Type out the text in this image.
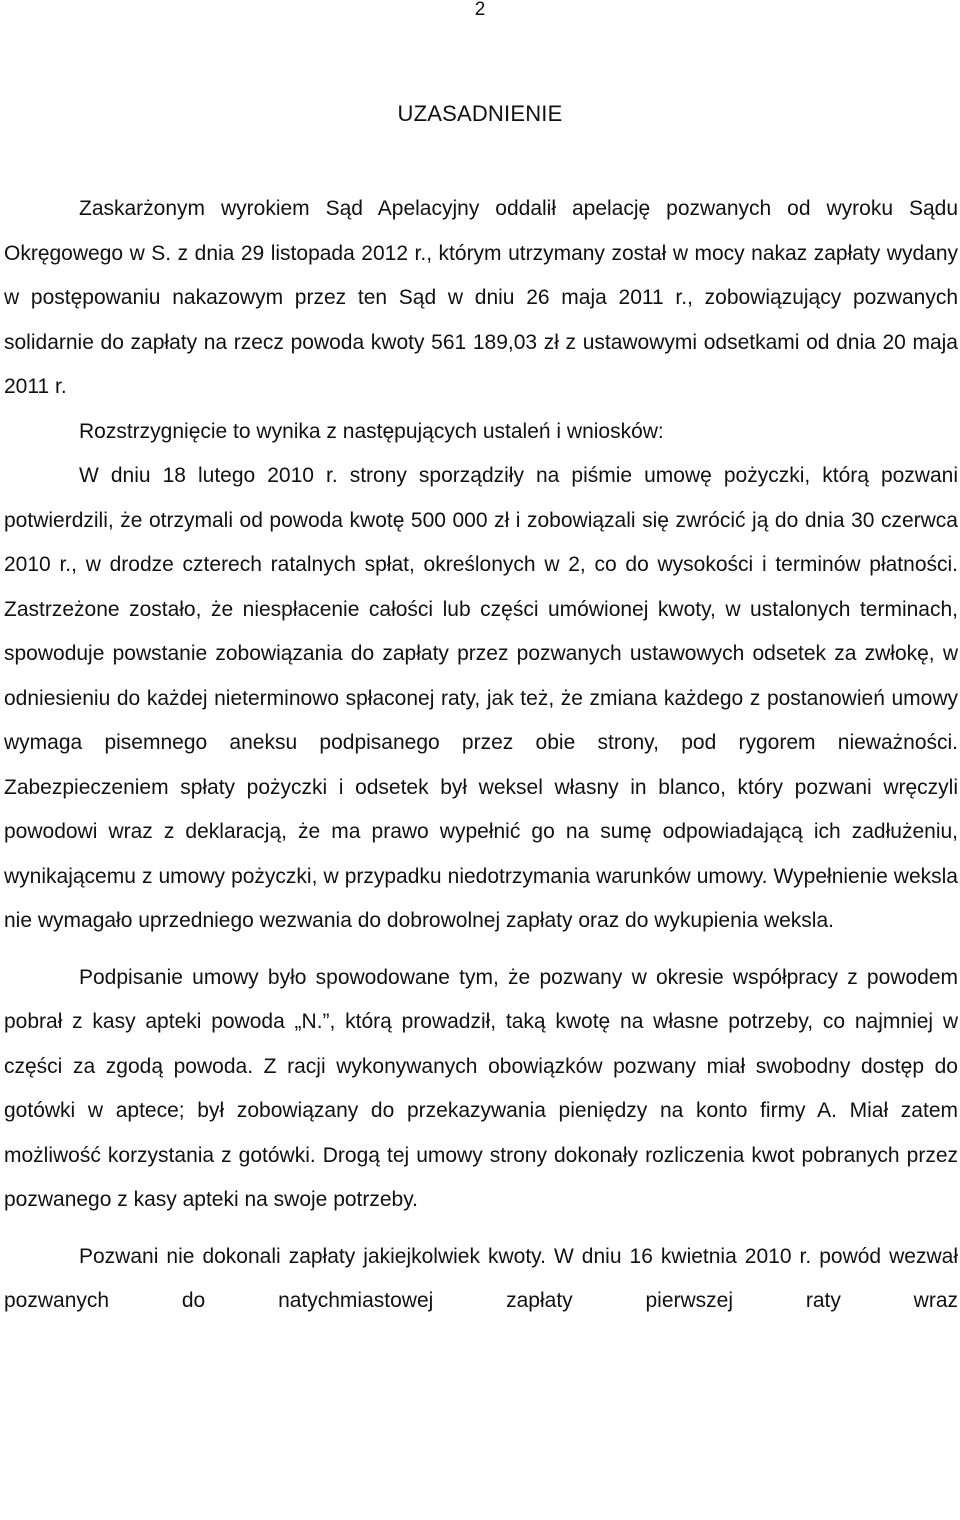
2
UZASADNIENIE

Zaskarżonym wyrokiem Sąd Apelacyjny oddalił apelację pozwanych od wyroku Sądu Okręgowego w S. z dnia 29 listopada 2012 r., którym utrzymany został w mocy nakaz zapłaty wydany w postępowaniu nakazowym przez ten Sąd w dniu 26 maja 2011 r., zobowiązujący pozwanych solidarnie do zapłaty na rzecz powoda kwoty 561 189,03 zł z ustawowymi odsetkami od dnia 20 maja 2011 r.

Rozstrzygnięcie to wynika z następujących ustaleń i wniosków:

W dniu 18 lutego 2010 r. strony sporządziły na piśmie umowę pożyczki, którą pozwani potwierdzili, że otrzymali od powoda kwotę 500 000 zł i zobowiązali się zwrócić ją do dnia 30 czerwca 2010 r., w drodze czterech ratalnych spłat, określonych w 2, co do wysokości i terminów płatności. Zastrzeżone zostało, że niespłacenie całości lub części umówionej kwoty, w ustalonych terminach, spowoduje powstanie zobowiązania do zapłaty przez pozwanych ustawowych odsetek za zwłokę, w odniesieniu do każdej nieterminowo spłaconej raty, jak też, że zmiana każdego z postanowień umowy wymaga pisemnego aneksu podpisanego przez obie strony, pod rygorem nieważności. Zabezpieczeniem spłaty pożyczki i odsetek był weksel własny in blanco, który pozwani wręczyli powodowi wraz z deklaracją, że ma prawo wypełnić go na sumę odpowiadającą ich zadłużeniu, wynikającemu z umowy pożyczki, w przypadku niedotrzymania warunków umowy. Wypełnienie weksla nie wymagało uprzedniego wezwania do dobrowolnej zapłaty oraz do wykupienia weksla.

Podpisanie umowy było spowodowane tym, że pozwany w okresie współpracy z powodem pobrał z kasy apteki powoda „N.”, którą prowadził, taką kwotę na własne potrzeby, co najmniej w części za zgodą powoda. Z racji wykonywanych obowiązków pozwany miał swobodny dostęp do gotówki w aptece; był zobowiązany do przekazywania pieniędzy na konto firmy A. Miał zatem możliwość korzystania z gotówki. Drogą tej umowy strony dokonały rozliczenia kwot pobranych przez pozwanego z kasy apteki na swoje potrzeby.

Pozwani nie dokonali zapłaty jakiejkolwiek kwoty. W dniu 16 kwietnia 2010 r. powód wezwał pozwanych do natychmiastowej zapłaty pierwszej raty wraz
